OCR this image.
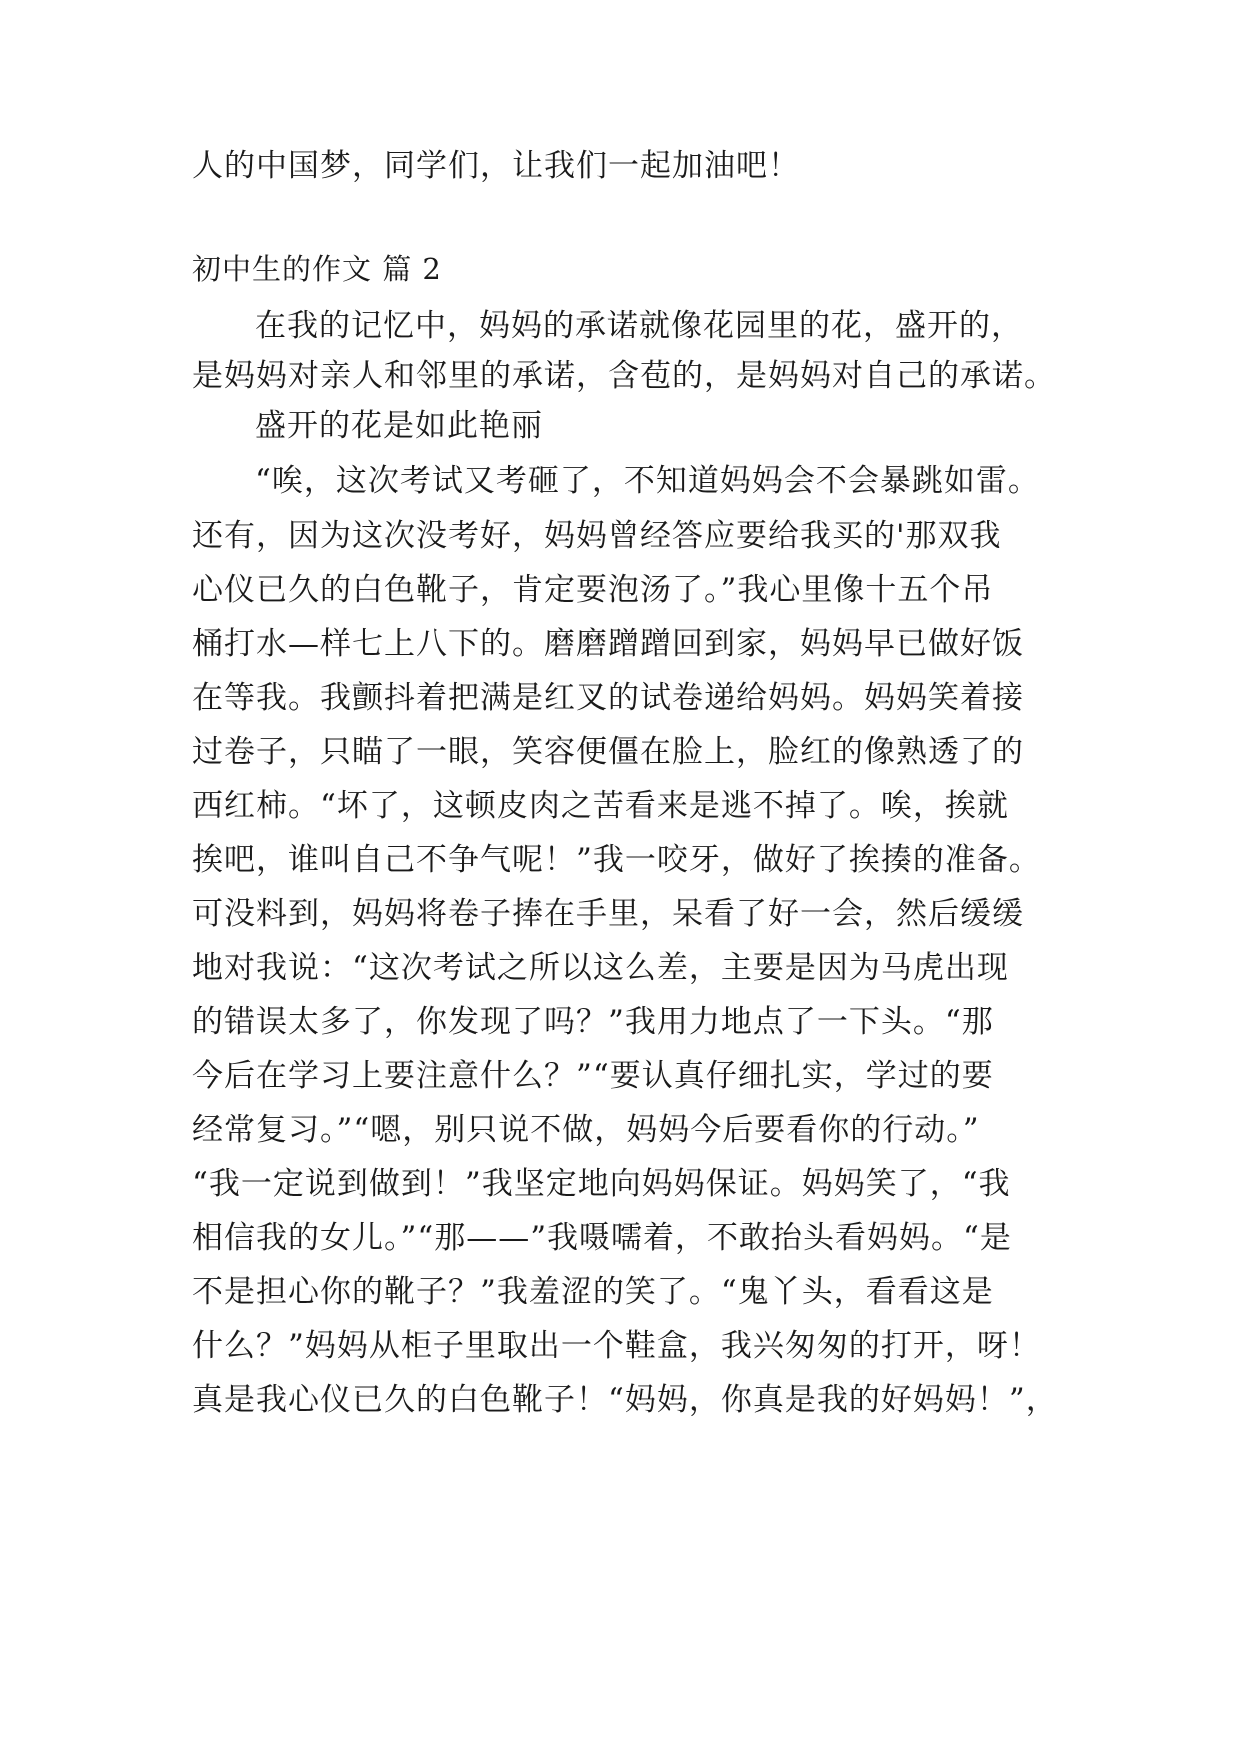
人的中国梦，同学们，让我们一起加油吧！
初中生的作文 篇 2
在我的记忆中，妈妈的承诺就像花园里的花，盛开的，
是妈妈对亲人和邻里的承诺，含苞的，是妈妈对自己的承诺。
盛开的花是如此艳丽
“唉，这次考试又考砸了，不知道妈妈会不会暴跳如雷。
还有，因为这次没考好，妈妈曾经答应要给我买的'那双我
心仪已久的白色靴子，肯定要泡汤了。”我心里像十五个吊
桶打水—样七上八下的。磨磨蹭蹭回到家，妈妈早已做好饭
在等我。我颤抖着把满是红叉的试卷递给妈妈。妈妈笑着接
过卷子，只瞄了一眼，笑容便僵在脸上，脸红的像熟透了的
西红柿。“坏了，这顿皮肉之苦看来是逃不掉了。唉，挨就
挨吧，谁叫自己不争气呢！”我一咬牙，做好了挨揍的准备。
可没料到，妈妈将卷子捧在手里，呆看了好一会，然后缓缓
地对我说：“这次考试之所以这么差，主要是因为马虎出现
的错误太多了，你发现了吗？”我用力地点了一下头。“那
今后在学习上要注意什么？”“要认真仔细扎实，学过的要
经常复习。”“嗯，别只说不做，妈妈今后要看你的行动。”
“我一定说到做到！”我坚定地向妈妈保证。妈妈笑了，“我
相信我的女儿。”“那——”我嗫嚅着，不敢抬头看妈妈。“是
不是担心你的靴子？”我羞涩的笑了。“鬼丫头，看看这是
什么？”妈妈从柜子里取出一个鞋盒，我兴匆匆的打开，呀！
真是我心仪已久的白色靴子！“妈妈，你真是我的好妈妈！”，
